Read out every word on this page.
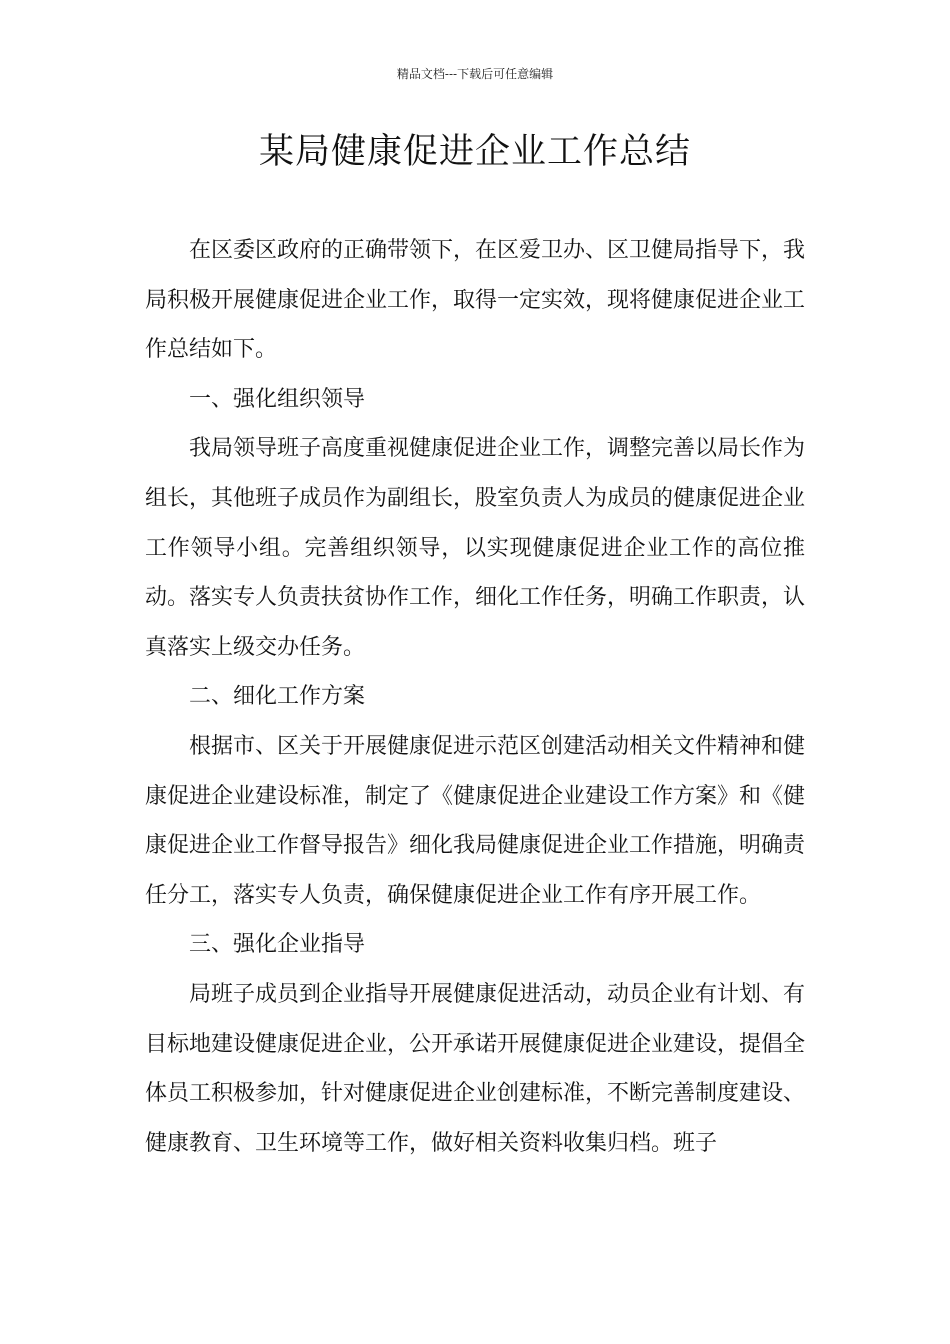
精品文档---下载后可任意编辑
某局健康促进企业工作总结

在区委区政府的正确带领下，在区爱卫办、区卫健局指导下，我局积极开展健康促进企业工作，取得一定实效，现将健康促进企业工作总结如下。

一、强化组织领导

我局领导班子高度重视健康促进企业工作，调整完善以局长作为组长，其他班子成员作为副组长，股室负责人为成员的健康促进企业工作领导小组。完善组织领导，以实现健康促进企业工作的高位推动。落实专人负责扶贫协作工作，细化工作任务，明确工作职责，认真落实上级交办任务。

二、细化工作方案

根据市、区关于开展健康促进示范区创建活动相关文件精神和健康促进企业建设标准，制定了《健康促进企业建设工作方案》和《健康促进企业工作督导报告》细化我局健康促进企业工作措施，明确责任分工，落实专人负责，确保健康促进企业工作有序开展工作。

三、强化企业指导

局班子成员到企业指导开展健康促进活动，动员企业有计划、有目标地建设健康促进企业，公开承诺开展健康促进企业建设，提倡全体员工积极参加，针对健康促进企业创建标准，不断完善制度建设、健康教育、卫生环境等工作，做好相关资料收集归档。班子
